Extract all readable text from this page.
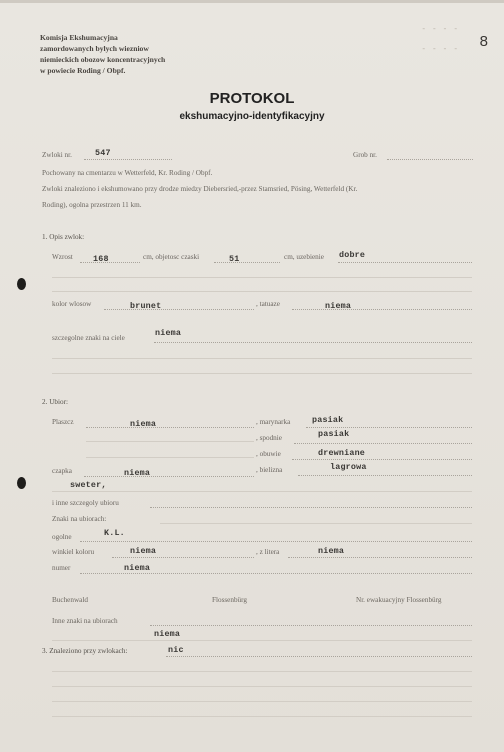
- - - -
- - - - 8
Komisja Ekshumacyjna
zamordowanych bylych wiezniow
niemieckich obozow koncentracyjnych
w powiecie Roding / Obpf.
PROTOKOL
ekshumacyjno-identyfikacyjny
Zwloki nr.	547	Grob nr.
Pochowany na cmentarzu w Wetterfeld, Kr. Roding / Obpf.
Zwloki znaleziono i ekshumowano przy drodze miedzy Diebersried,-przez Stamsried, Pösing, Wetterfeld (Kr.
Roding), ogolna przestrzen 11 km.
1. Opis zwlok:
Wzrost 168	cm, objetosc czaski	51	cm, uzebienie dobre
kolor wlosow	brunet	, tatuaze	niema
szczegolne znaki na ciele	niema
2. Ubior:
Plaszcz	niema	, marynarka	pasiak
, spodnie	pasiak
, obuwie	drewniane
czapka	niema	, bielizna	lagrowa
sweter,
i inne szczegoly ubioru
Znaki na ubiorach:
ogolne	K.L.
winkiel koloru	niema	, z litera	niema
numer	niema
Buchenwald	Flossenbürg	Nr. ewakuacyjny Flossenbürg
Inne znaki na ubiorach
niema
3. Znaleziono przy zwlokach:	nic
